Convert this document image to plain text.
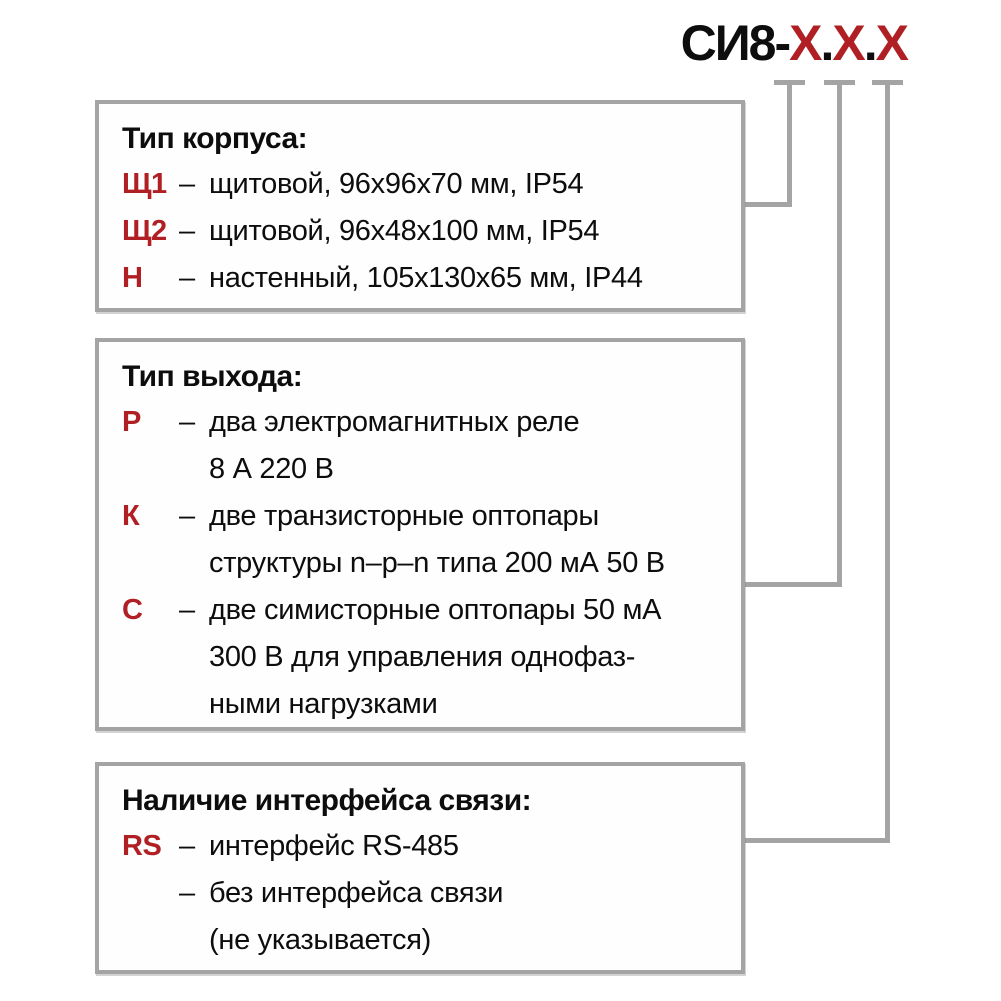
СИ8-Х.Х.Х
Тип корпуса:
Щ1 – щитовой, 96х96х70 мм, IP54
Щ2 – щитовой, 96х48х100 мм, IP54
Н	– настенный, 105х130х65 мм, IP44
Тип выхода:
Р	– два электромагнитных реле
8 А 220 В
К	– две транзисторные оптопары
структуры n–p–n типа 200 мА 50 В
С	– две симисторные оптопары 50 мА
300 В для управления однофаз-
ными нагрузками
Наличие интерфейса связи:
RS – интерфейс RS-485
– без интерфейса связи
(не указывается)
